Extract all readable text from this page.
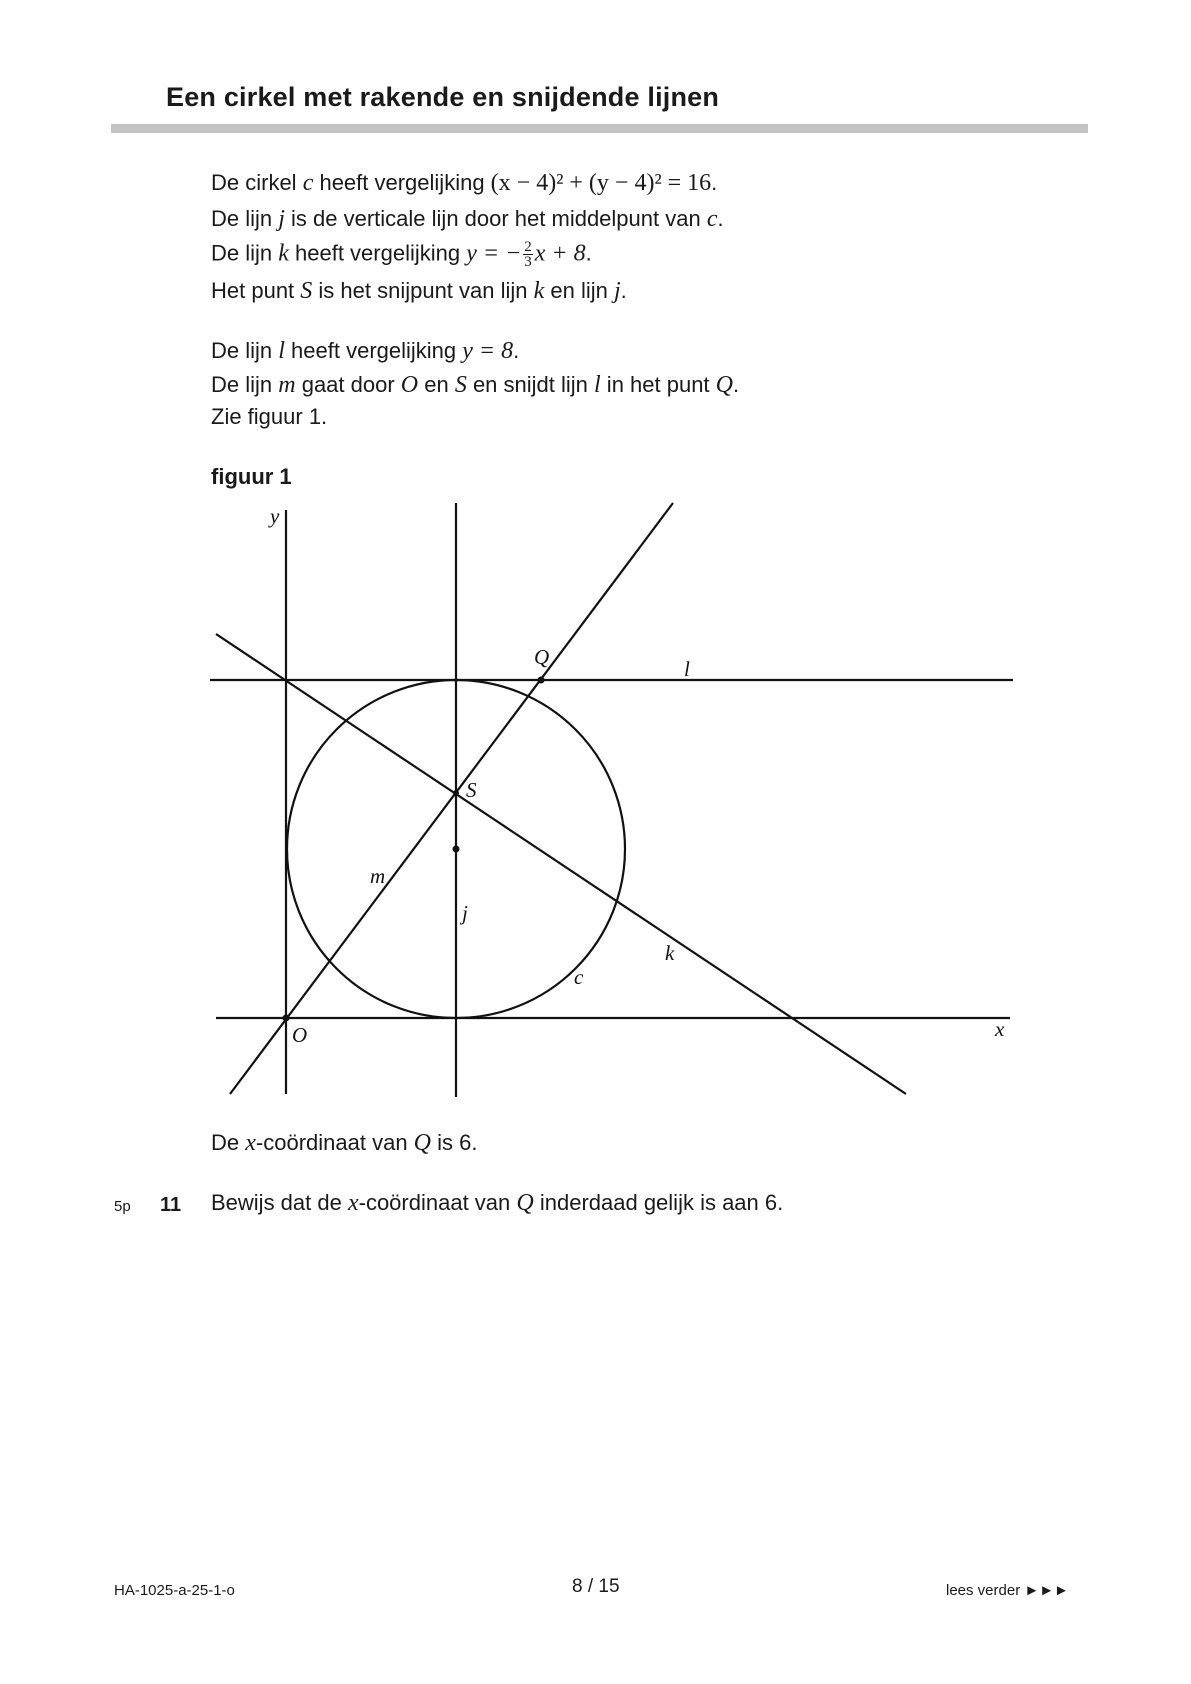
Een cirkel met rakende en snijdende lijnen
De cirkel c heeft vergelijking (x − 4)² + (y − 4)² = 16.
De lijn j is de verticale lijn door het middelpunt van c.
De lijn k heeft vergelijking y = − $\frac{2}{3}$ x + 8.
Het punt S is het snijpunt van lijn k en lijn j.
De lijn l heeft vergelijking y = 8.
De lijn m gaat door O en S en snijdt lijn l in het punt Q.
Zie figuur 1.
figuur 1
y
x
O
Q
S
l
m
j
k
c
De x-coördinaat van Q is 6.
5p 11 Bewijs dat de x-coördinaat van Q inderdaad gelijk is aan 6.
HA-1025-a-25-1-o	8 / 15	lees verder ►►►
